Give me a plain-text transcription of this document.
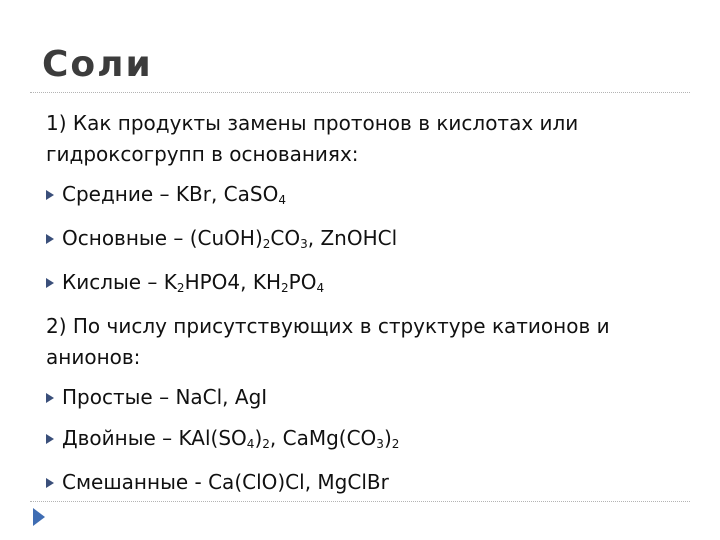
Соли
1) Как продукты замены протонов в кислотах или гидроксогрупп в основаниях:
Средние – KBr, CaSO4
Основные – (CuOH)2CO3, ZnOHCl
Кислые – K2HPO4, KH2PO4
2) По числу присутствующих в структуре катионов и анионов:
Простые – NaCl, AgI
Двойные – KAl(SO4)2, CaMg(CO3)2
Смешанные - Ca(ClO)Cl, MgClBr
